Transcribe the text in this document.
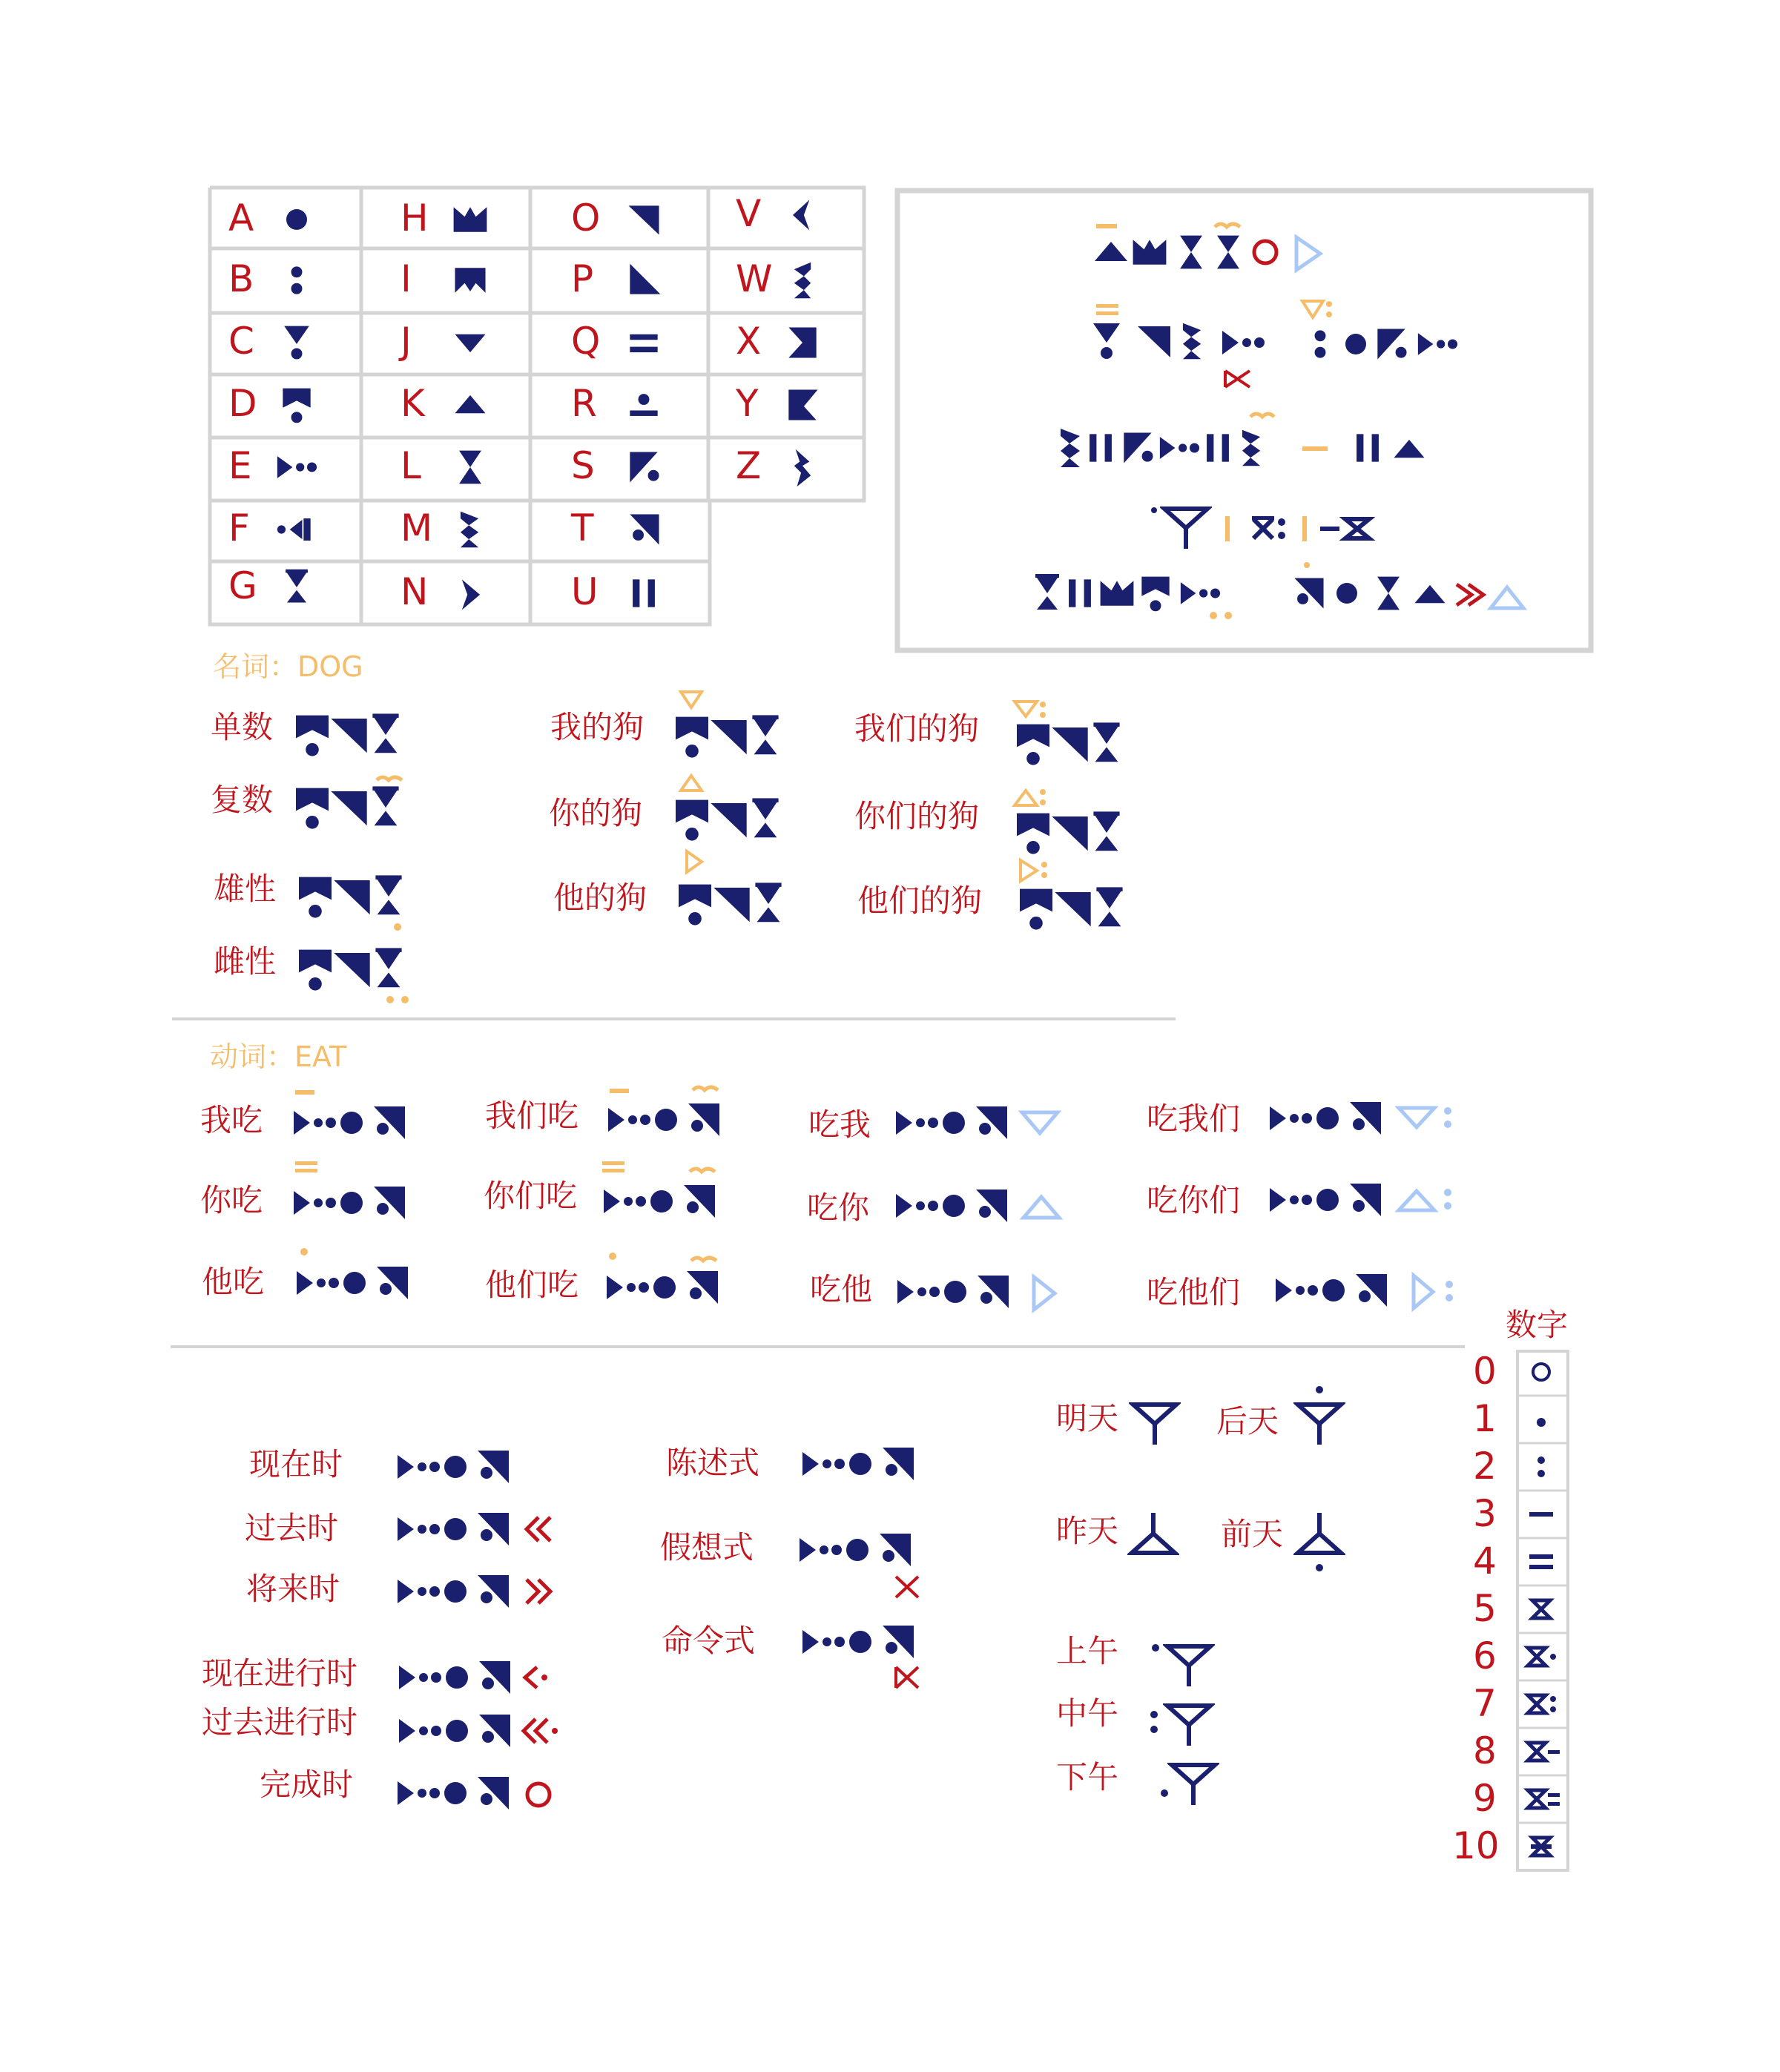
A
B
C
D
E
F
G
H
I
J
K
L
M
N
O
P
Q
R
S
T
U
V
W
X
Y
Z
名词：DOG
单数
复数
雄性
雌性
我的狗
你的狗
他的狗
我们的狗
你们的狗
他们的狗
动词：EAT
我吃
你吃
他吃
我们吃
你们吃
他们吃
吃我
吃你
吃他
吃我们
吃你们
吃他们
现在时
过去时
将来时
现在进行时
过去进行时
完成时
陈述式
假想式
命令式
明天	后天
昨天	前天
上午
中午
下午
数字
0
1
2
3
4
5
6
7
8
9
10
